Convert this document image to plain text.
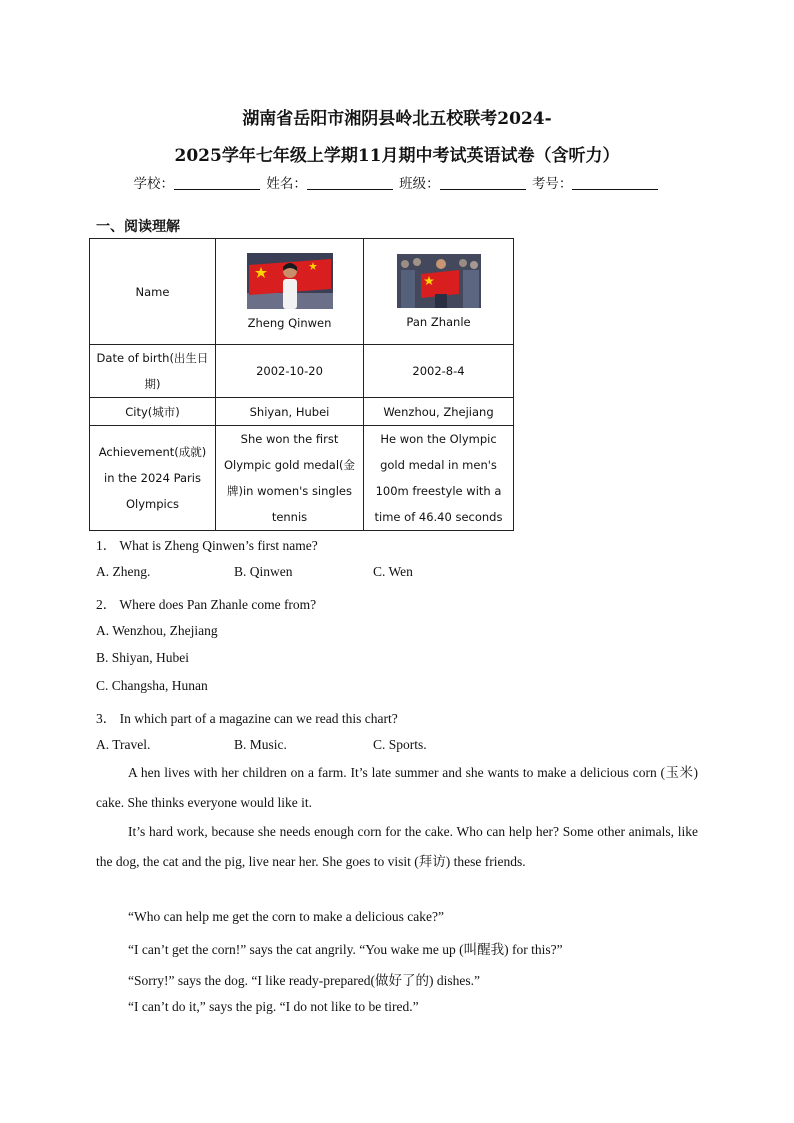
湖南省岳阳市湘阴县岭北五校联考2024-
2025学年七年级上学期11月期中考试英语试卷（含听力）
学校：	姓名：	班级：	考号：
一、阅读理解
Name	Zheng Qinwen	Pan Zhanle

Date of birth(出生日期)	2002-10-20	2002-8-4
City(城市)	Shiyan, Hubei	Wenzhou, Zhejiang
Achievement(成就) in the 2024 Paris Olympics	She won the first Olympic gold medal(金牌)in women's singles tennis	He won the Olympic gold medal in men's 100m freestyle with a time of 46.40 seconds
1． What is Zheng Qinwen’s first name?
A. Zheng.	B. Qinwen	C. Wen
2． Where does Pan Zhanle come from?
A. Wenzhou, Zhejiang
B. Shiyan, Hubei
C. Changsha, Hunan
3． In which part of a magazine can we read this chart?
A. Travel.	B. Music.	C. Sports.
A hen lives with her children on a farm. It’s late summer and she wants to make a delicious corn (玉米) cake. She thinks everyone would like it.
It’s hard work, because she needs enough corn for the cake. Who can help her? Some other animals, like the dog, the cat and the pig, live near her. She goes to visit (拜访) these friends.
“Who can help me get the corn to make a delicious cake?”
“I can’t get the corn!” says the cat angrily. “You wake me up (叫醒我) for this?”
“Sorry!” says the dog. “I like ready-prepared(做好了的) dishes.”
“I can’t do it,” says the pig. “I do not like to be tired.”
